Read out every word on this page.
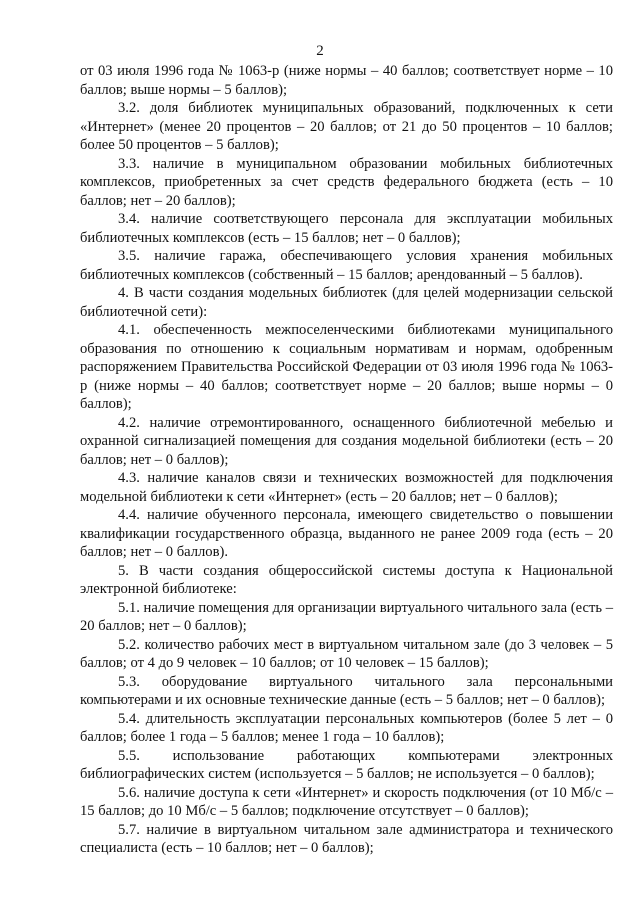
2

от 03 июля 1996 года № 1063-р (ниже нормы – 40 баллов; соответствует норме – 10 баллов; выше нормы – 5 баллов);

3.2. доля библиотек муниципальных образований, подключенных к сети «Интернет» (менее 20 процентов – 20 баллов; от 21 до 50 процентов – 10 баллов; более 50 процентов – 5 баллов);

3.3. наличие в муниципальном образовании мобильных библиотечных комплексов, приобретенных за счет средств федерального бюджета (есть – 10 баллов; нет – 20 баллов);

3.4. наличие соответствующего персонала для эксплуатации мобильных библиотечных комплексов (есть – 15 баллов; нет – 0 баллов);

3.5. наличие гаража, обеспечивающего условия хранения мобильных библиотечных комплексов (собственный – 15 баллов; арендованный – 5 баллов).

4. В части создания модельных библиотек (для целей модернизации сельской библиотечной сети):

4.1. обеспеченность межпоселенческими библиотеками муниципального образования по отношению к социальным нормативам и нормам, одобренным распоряжением Правительства Российской Федерации от 03 июля 1996 года № 1063-р (ниже нормы – 40 баллов; соответствует норме – 20 баллов; выше нормы – 0 баллов);

4.2. наличие отремонтированного, оснащенного библиотечной мебелью и охранной сигнализацией помещения для создания модельной библиотеки (есть – 20 баллов; нет – 0 баллов);

4.3. наличие каналов связи и технических возможностей для подключения модельной библиотеки к сети «Интернет» (есть – 20 баллов; нет – 0 баллов);

4.4. наличие обученного персонала, имеющего свидетельство о повышении квалификации государственного образца, выданного не ранее 2009 года (есть – 20 баллов; нет – 0 баллов).

5. В части создания общероссийской системы доступа к Национальной электронной библиотеке:

5.1. наличие помещения для организации виртуального читального зала (есть – 20 баллов; нет – 0 баллов);

5.2. количество рабочих мест в виртуальном читальном зале (до 3 человек – 5 баллов; от 4 до 9 человек – 10 баллов; от 10 человек – 15 баллов);

5.3. оборудование виртуального читального зала персональными компьютерами и их основные технические данные (есть – 5 баллов; нет – 0 баллов);

5.4. длительность эксплуатации персональных компьютеров (более 5 лет – 0 баллов; более 1 года – 5 баллов; менее 1 года – 10 баллов);

5.5. использование работающих компьютерами электронных библиографических систем (используется – 5 баллов; не используется – 0 баллов);

5.6. наличие доступа к сети «Интернет» и скорость подключения (от 10 Мб/с – 15 баллов; до 10 Мб/с – 5 баллов; подключение отсутствует – 0 баллов);

5.7. наличие в виртуальном читальном зале администратора и технического специалиста (есть – 10 баллов; нет – 0 баллов);
